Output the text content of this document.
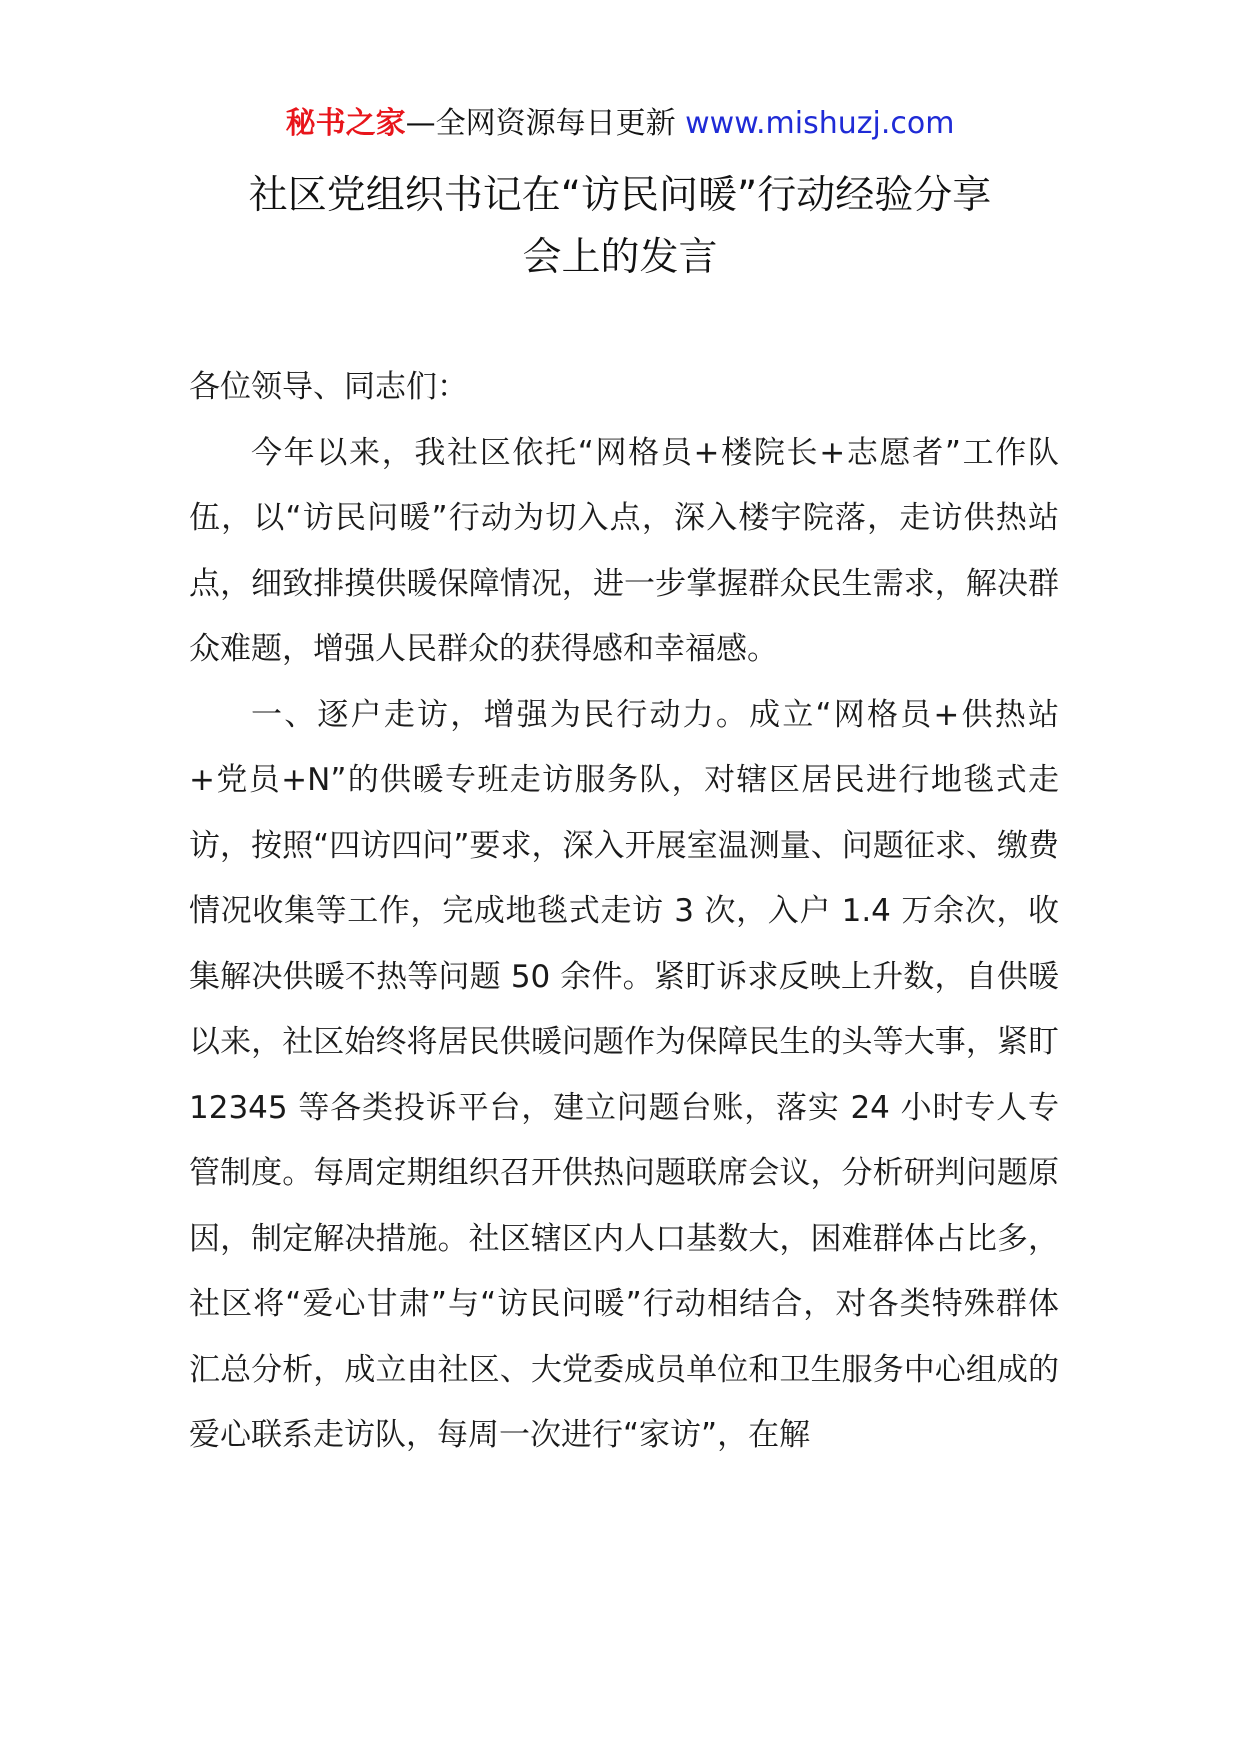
秘书之家—全网资源每日更新 www.mishuzj.com
社区党组织书记在“访民问暖”行动经验分享
会上的发言

各位领导、同志们：

今年以来，我社区依托“网格员+楼院长+志愿者”工作队伍，以“访民问暖”行动为切入点，深入楼宇院落，走访供热站点，细致排摸供暖保障情况，进一步掌握群众民生需求，解决群众难题，增强人民群众的获得感和幸福感。

一、逐户走访，增强为民行动力。成立“网格员+供热站+党员+N”的供暖专班走访服务队，对辖区居民进行地毯式走访，按照“四访四问”要求，深入开展室温测量、问题征求、缴费情况收集等工作，完成地毯式走访 3 次，入户 1.4 万余次，收集解决供暖不热等问题 50 余件。紧盯诉求反映上升数，自供暖以来，社区始终将居民供暖问题作为保障民生的头等大事，紧盯 12345 等各类投诉平台，建立问题台账，落实 24 小时专人专管制度。每周定期组织召开供热问题联席会议，分析研判问题原因，制定解决措施。社区辖区内人口基数大，困难群体占比多，社区将“爱心甘肃”与“访民问暖”行动相结合，对各类特殊群体汇总分析，成立由社区、大党委成员单位和卫生服务中心组成的爱心联系走访队，每周一次进行“家访”，在解
